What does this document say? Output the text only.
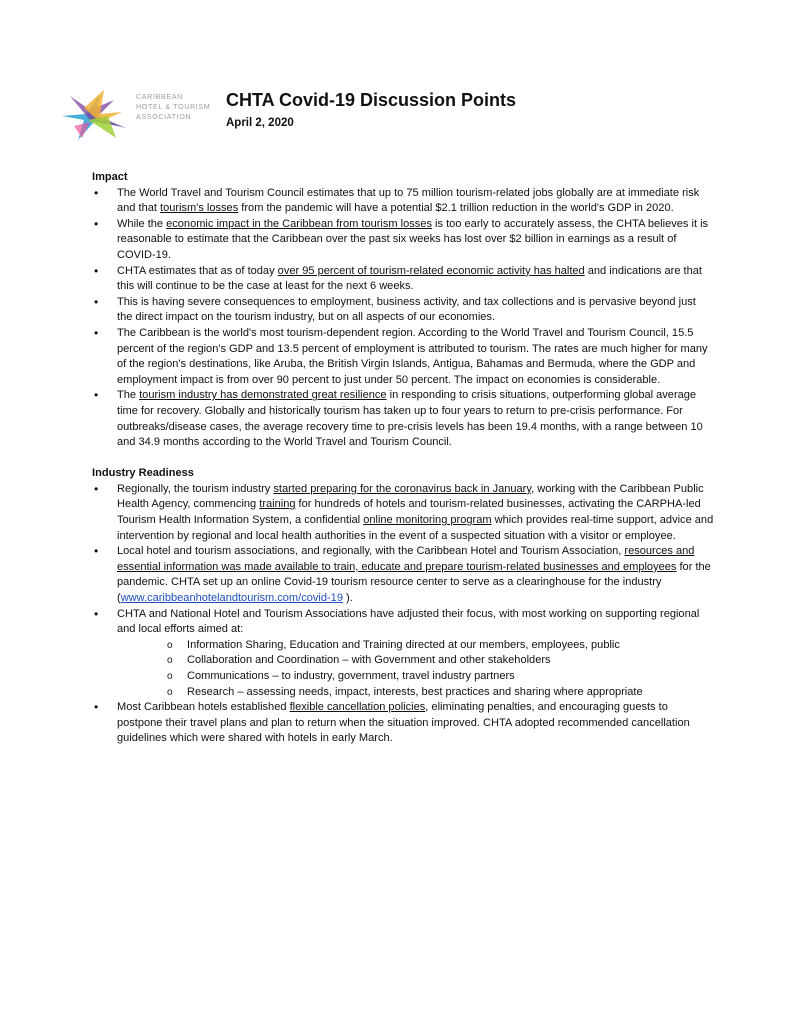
CARIBBEAN
HOTEL & TOURISM
ASSOCIATION
CHTA Covid-19 Discussion Points
April 2, 2020

Impact

• The World Travel and Tourism Council estimates that up to 75 million tourism-related jobs globally are at immediate risk and that tourism's losses from the pandemic will have a potential $2.1 trillion reduction in the world's GDP in 2020.
• While the economic impact in the Caribbean from tourism losses is too early to accurately assess, the CHTA believes it is reasonable to estimate that the Caribbean over the past six weeks has lost over $2 billion in earnings as a result of COVID-19.
• CHTA estimates that as of today over 95 percent of tourism-related economic activity has halted and indications are that this will continue to be the case at least for the next 6 weeks.
• This is having severe consequences to employment, business activity, and tax collections and is pervasive beyond just the direct impact on the tourism industry, but on all aspects of our economies.
• The Caribbean is the world's most tourism-dependent region. According to the World Travel and Tourism Council, 15.5 percent of the region's GDP and 13.5 percent of employment is attributed to tourism. The rates are much higher for many of the region's destinations, like Aruba, the British Virgin Islands, Antigua, Bahamas and Bermuda, where the GDP and employment impact is from over 90 percent to just under 50 percent. The impact on economies is considerable.
• The tourism industry has demonstrated great resilience in responding to crisis situations, outperforming global average time for recovery. Globally and historically tourism has taken up to four years to return to pre-crisis performance. For outbreaks/disease cases, the average recovery time to pre-crisis levels has been 19.4 months, with a range between 10 and 34.9 months according to the World Travel and Tourism Council.

Industry Readiness

• Regionally, the tourism industry started preparing for the coronavirus back in January, working with the Caribbean Public Health Agency, commencing training for hundreds of hotels and tourism-related businesses, activating the CARPHA-led Tourism Health Information System, a confidential online monitoring program which provides real-time support, advice and intervention by regional and local health authorities in the event of a suspected situation with a visitor or employee.
• Local hotel and tourism associations, and regionally, with the Caribbean Hotel and Tourism Association, resources and essential information was made available to train, educate and prepare tourism-related businesses and employees for the pandemic. CHTA set up an online Covid-19 tourism resource center to serve as a clearinghouse for the industry (www.caribbeanhotelandtourism.com/covid-19 ).
• CHTA and National Hotel and Tourism Associations have adjusted their focus, with most working on supporting regional and local efforts aimed at:
o Information Sharing, Education and Training directed at our members, employees, public
o Collaboration and Coordination – with Government and other stakeholders
o Communications – to industry, government, travel industry partners
o Research – assessing needs, impact, interests, best practices and sharing where appropriate
• Most Caribbean hotels established flexible cancellation policies, eliminating penalties, and encouraging guests to postpone their travel plans and plan to return when the situation improved. CHTA adopted recommended cancellation guidelines which were shared with hotels in early March.
